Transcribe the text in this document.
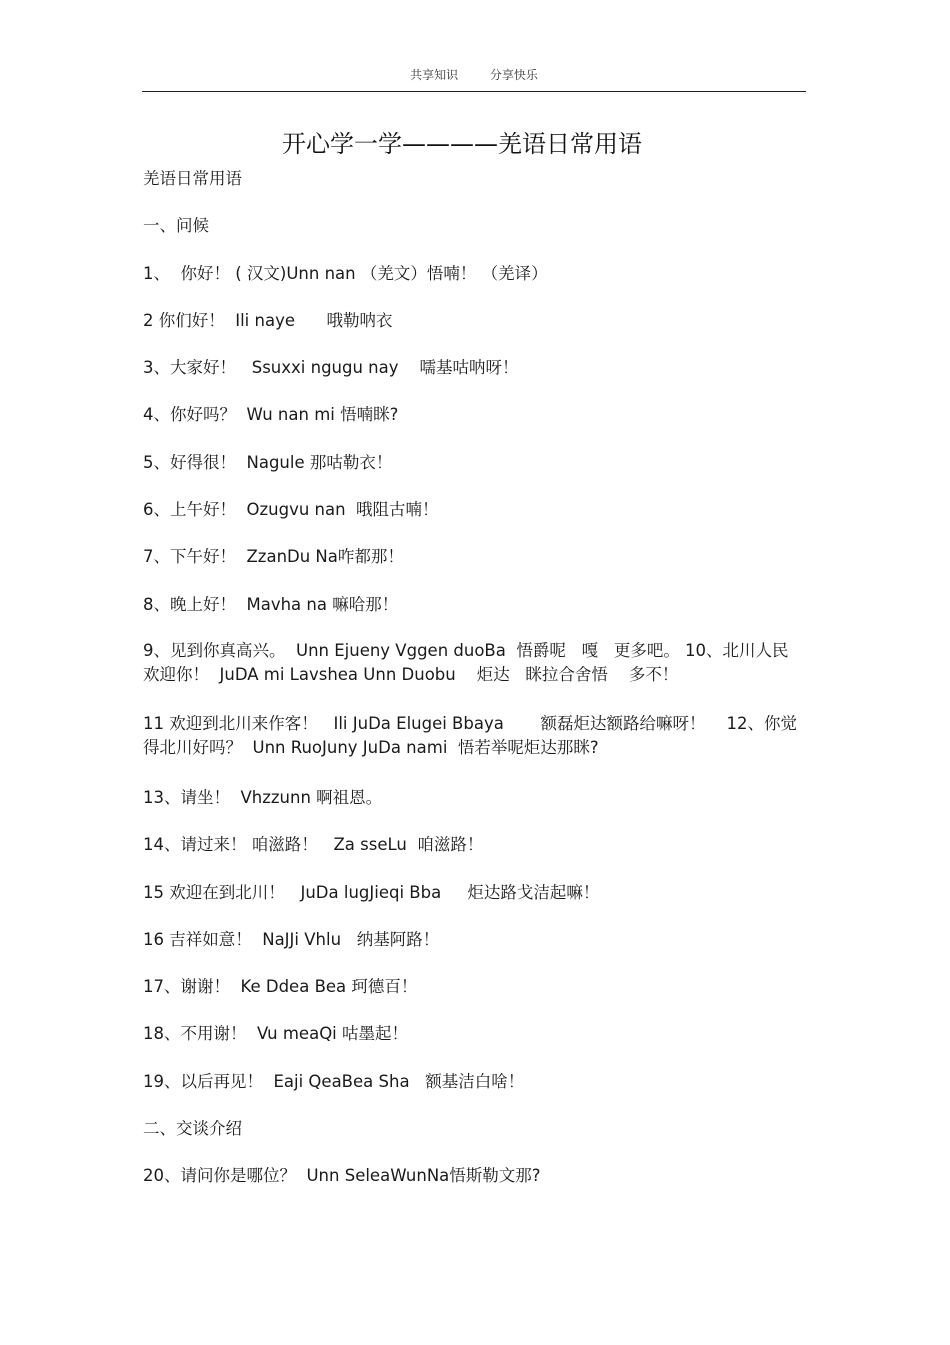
共享知识	分享快乐
开心学一学————羌语日常用语
羌语日常用语
一、问候
1、  你好！ ( 汉文)Unn nan （羌文）悟喃！ （羌译）
2 你们好！  Ili naye      哦勒呐衣
3、大家好！   Ssuxxi ngugu nay    嚅基咕呐呀！
4、你好吗？  Wu nan mi 悟喃眯?
5、好得很！  Nagule 那咕勒衣！
6、上午好！  Ozugvu nan  哦阻古喃！
7、下午好！  ZzanDu Na咋都那！
8、晚上好！  Mavha na 嘛哈那！
9、见到你真高兴。  Unn Ejueny Vggen duoBa  悟爵呢   嘎   更多吧。 10、北川人民欢迎你！  JuDA mi Lavshea Unn Duobu    炬达   眯拉合舍悟    多不！
11 欢迎到北川来作客！   Ili JuDa Elugei Bbaya       额磊炬达额路给嘛呀！    12、你觉得北川好吗？  Unn RuoJuny JuDa nami  悟若举呢炬达那眯?
13、请坐！  Vhzzunn 啊祖恩。
14、请过来！ 咱滋路！   Za sseLu  咱滋路！
15 欢迎在到北川！   JuDa lugJieqi Bba     炬达路戈洁起嘛！
16 吉祥如意！  NaJJi Vhlu   纳基阿路！
17、谢谢！  Ke Ddea Bea 珂德百！
18、不用谢！  Vu meaQi 咕墨起！
19、以后再见！  Eaji QeaBea Sha   额基洁白啥！
二、交谈介绍
20、请问你是哪位？  Unn SeleaWunNa悟斯勒文那?
